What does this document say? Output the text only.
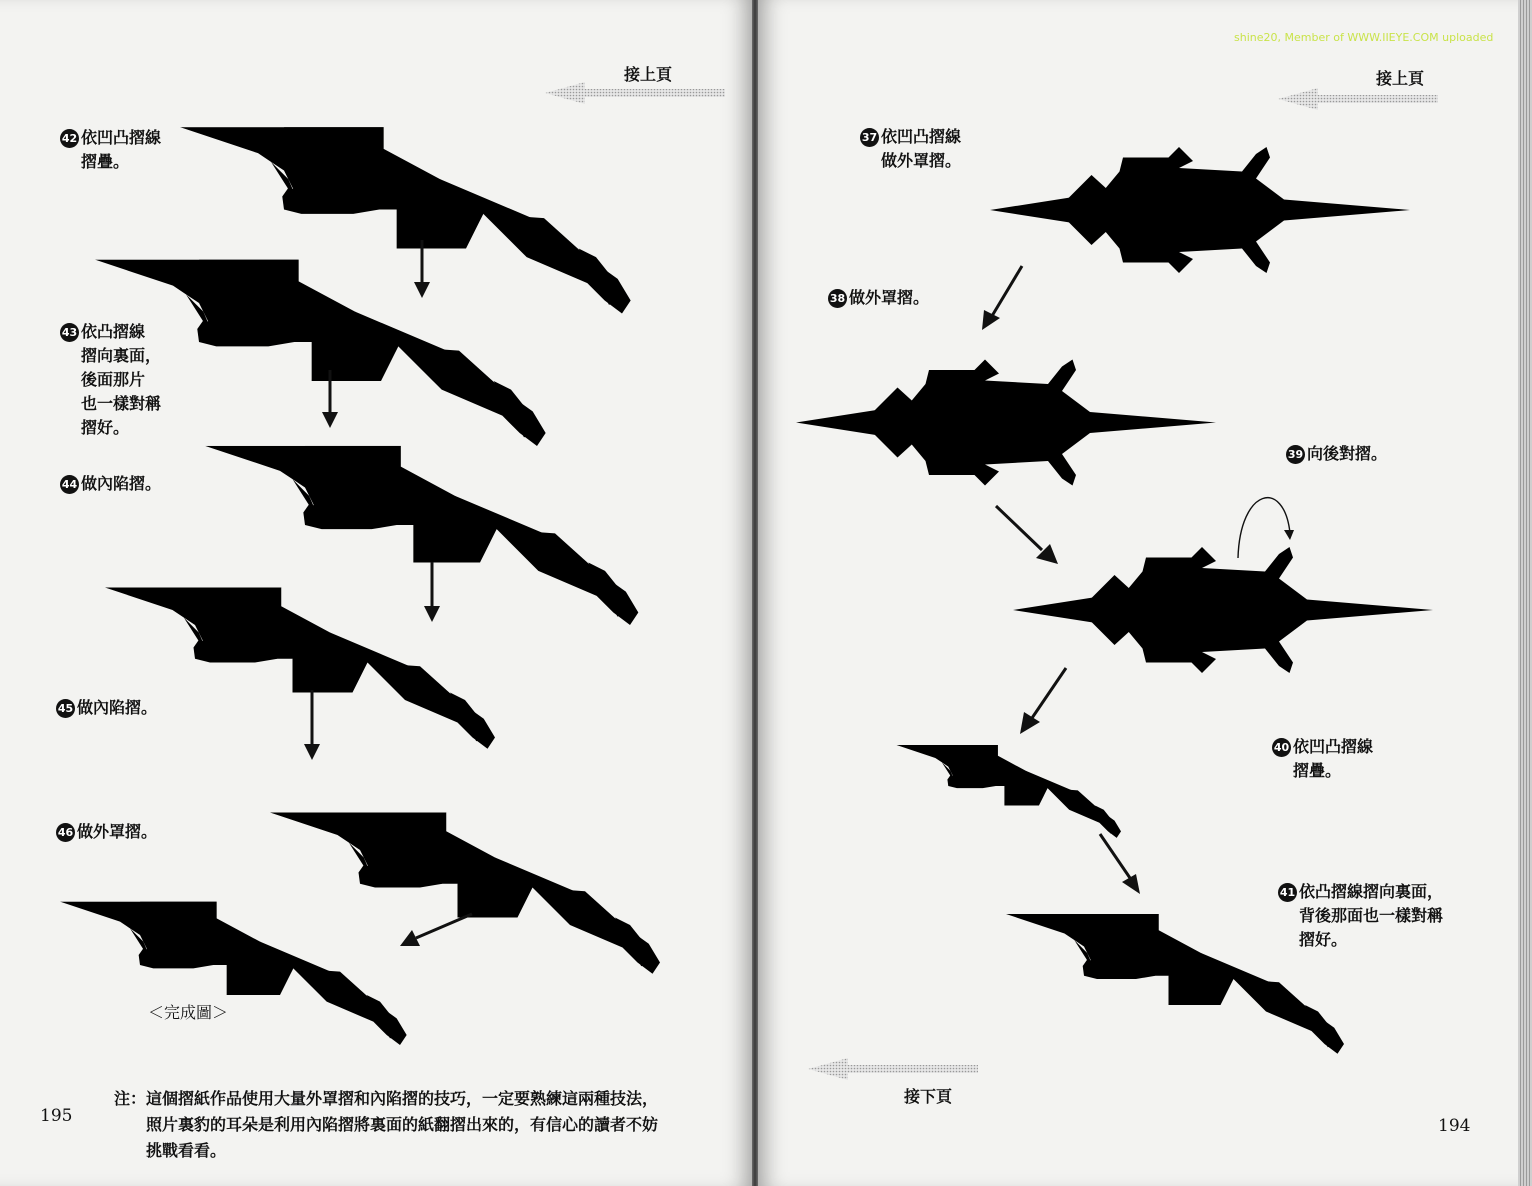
接上頁
42 依凹凸摺線
摺疊。
43 依凸摺線
摺向裏面，
後面那片
也一樣對稱
摺好。
44 做內陷摺。
45 做內陷摺。
46 做外罩摺。
＜完成圖＞
注：這個摺紙作品使用大量外罩摺和內陷摺的技巧，一定要熟練這兩種技法，
照片裏豹的耳朵是利用內陷摺將裏面的紙翻摺出來的，有信心的讀者不妨
挑戰看看。
195
shine20, Member of WWW.IIEYE.COM uploaded
接上頁
37 依凹凸摺線
做外罩摺。
38 做外罩摺。
39 向後對摺。
40 依凹凸摺線
摺疊。
41 依凸摺線摺向裏面，
背後那面也一樣對稱
摺好。
接下頁
194
